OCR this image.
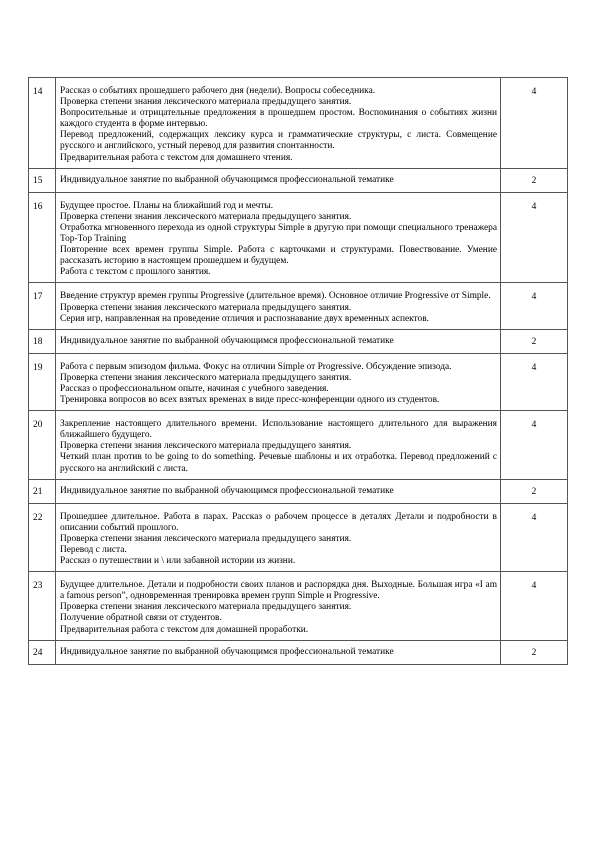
14	Рассказ о событиях прошедшего рабочего дня (недели). Вопросы собеседника.
Проверка степени знания лексического материала предыдущего занятия.
Вопросительные и отрицательные предложения в прошедшем простом. Воспоминания о событиях жизни каждого студента в форме интервью.
Перевод предложений, содержащих лексику курса и грамматические структуры, с листа. Совмещение русского и английского, устный перевод для развития спонтанности.
Предварительная работа с текстом для домашнего чтения.	4
15	Индивидуальное занятие по выбранной обучающимся профессиональной тематике	2
16	Будущее простое. Планы на ближайший год и мечты.
Проверка степени знания лексического материала предыдущего занятия.
Отработка мгновенного перехода из одной структуры Simple в другую при помощи специального тренажера Top-Top Training
Повторение всех времен группы Simple. Работа с карточками и структурами. Повествование. Умение рассказать историю в настоящем прошедшем и будущем.
Работа с текстом с прошлого занятия.	4
17	Введение структур времен группы Progressive (длительное время). Основное отличие Progressive от Simple.
Проверка степени знания лексического материала предыдущего занятия.
Серия игр, направленная на проведение отличия и распознавание двух временных аспектов.	4
18	Индивидуальное занятие по выбранной обучающимся профессиональной тематике	2
19	Работа с первым эпизодом фильма. Фокус на отличии Simple от Progressive. Обсуждение эпизода.
Проверка степени знания лексического материала предыдущего занятия.
Рассказ о профессиональном опыте, начиная с учебного заведения.
Тренировка вопросов во всех взятых временах в виде пресс-конференции одного из студентов.	4
20	Закрепление настоящего длительного времени. Использование настоящего длительного для выражения ближайшего будущего.
Проверка степени знания лексического материала предыдущего занятия.
Четкий план против to be going to do something. Речевые шаблоны и их отработка. Перевод предложений с русского на английский с листа.	4
21	Индивидуальное занятие по выбранной обучающимся профессиональной тематике	2
22	Прошедшее длительное. Работа в парах. Рассказ о рабочем процессе в деталях Детали и подробности в описании событий прошлого.
Проверка степени знания лексического материала предыдущего занятия.
Перевод с листа.
Рассказ о путешествии и \ или забавной истории из жизни.	4
23	Будущее длительное. Детали и подробности своих планов и распорядка дня. Выходные. Большая игра «I am a famous person”, одновременная тренировка времен групп Simple и Progressive.
Проверка степени знания лексического материала предыдущего занятия.
Получение обратной связи от студентов.
Предварительная работа с текстом для домашней проработки.	4
24	Индивидуальное занятие по выбранной обучающимся профессиональной тематике	2
